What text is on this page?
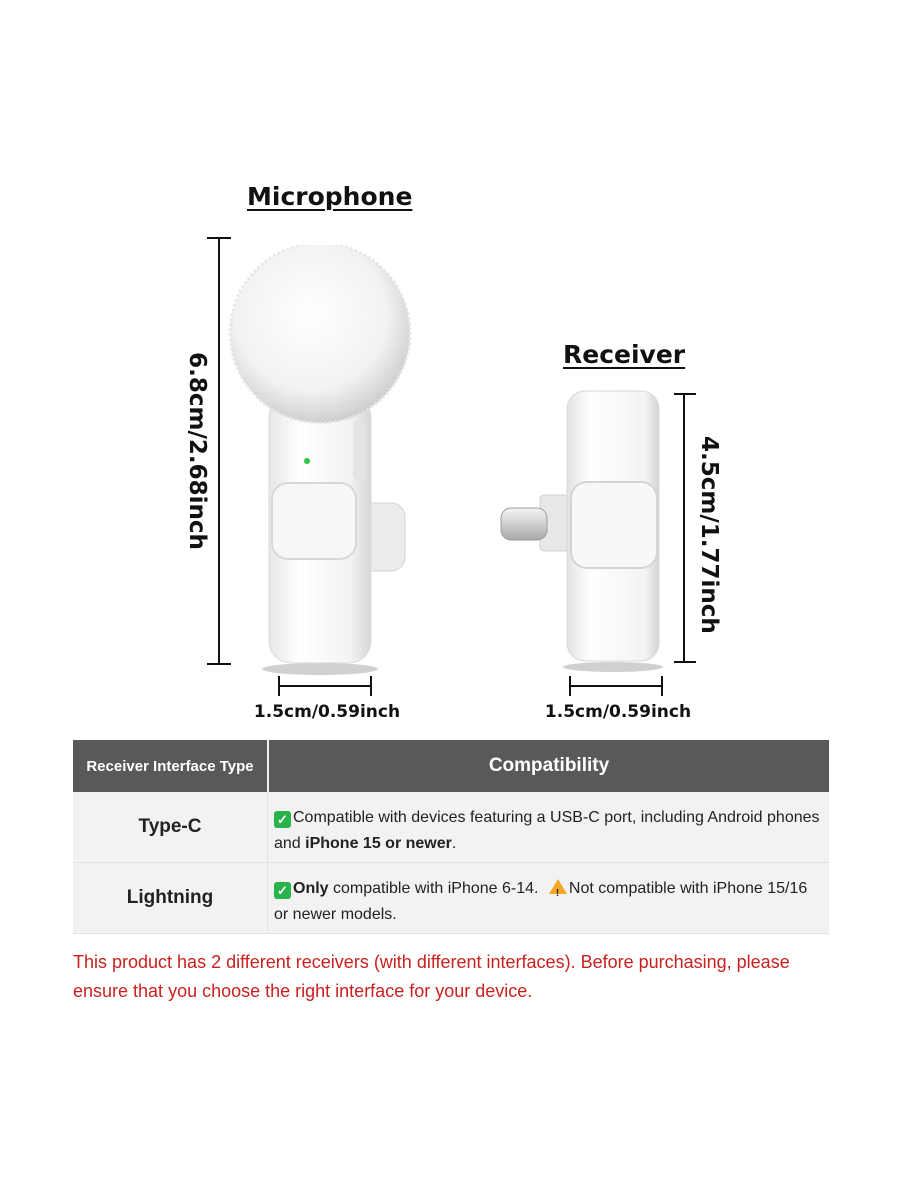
Microphone
6.8cm/2.68inch
1.5cm/0.59inch
Receiver
4.5cm/1.77inch
1.5cm/0.59inch
Receiver Interface Type	Compatibility
Type-C	✓ Compatible with devices featuring a USB-C port, including Android phones and iPhone 15 or newer.
Lightning	✓ Only compatible with iPhone 6-14. ! Not compatible with iPhone 15/16 or newer models.
This product has 2 different receivers (with different interfaces). Before purchasing, please ensure that you choose the right interface for your device.
